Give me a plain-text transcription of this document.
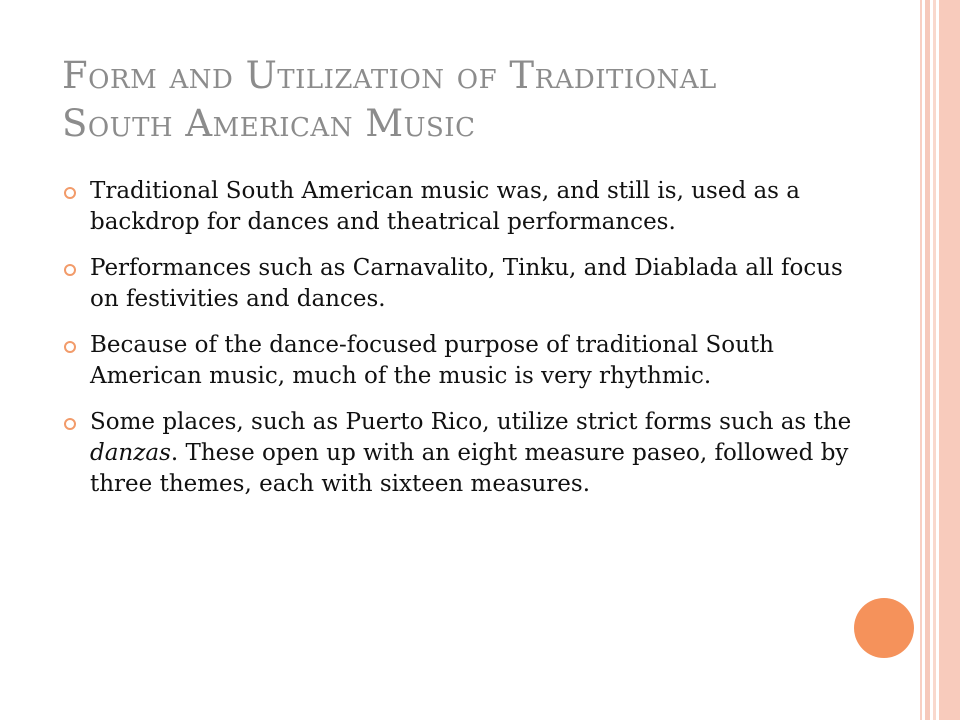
Form and Utilization of Traditional
South American Music
Traditional South American music was, and still is, used as a backdrop for dances and theatrical performances.
Performances such as Carnavalito, Tinku, and Diablada all focus on festivities and dances.
Because of the dance-focused purpose of traditional South American music, much of the music is very rhythmic.
Some places, such as Puerto Rico, utilize strict forms such as the danzas. These open up with an eight measure paseo, followed by three themes, each with sixteen measures.
